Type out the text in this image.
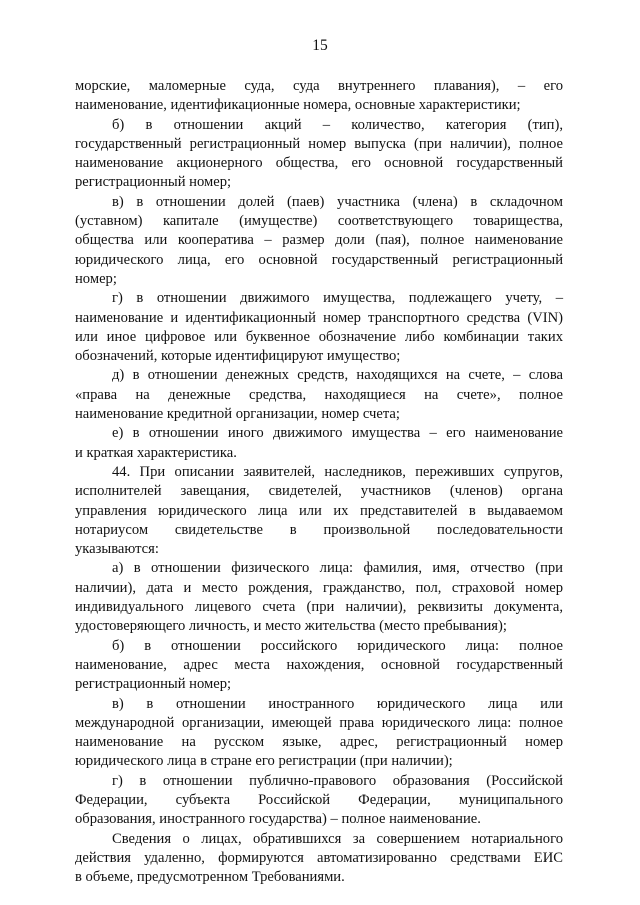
15
морские, маломерные суда, суда внутреннего плавания), – его
наименование, идентификационные номера, основные характеристики;
б) в отношении акций – количество, категория (тип),
государственный регистрационный номер выпуска (при наличии), полное
наименование акционерного общества, его основной государственный
регистрационный номер;
в) в отношении долей (паев) участника (члена) в складочном
(уставном) капитале (имуществе) соответствующего товарищества,
общества или кооператива – размер доли (пая), полное наименование
юридического лица, его основной государственный регистрационный
номер;
г) в отношении движимого имущества, подлежащего учету, –
наименование и идентификационный номер транспортного средства (VIN)
или иное цифровое или буквенное обозначение либо комбинации таких
обозначений, которые идентифицируют имущество;
д) в отношении денежных средств, находящихся на счете, – слова
«права на денежные средства, находящиеся на счете», полное
наименование кредитной организации, номер счета;
е) в отношении иного движимого имущества – его наименование
и краткая характеристика.
44. При описании заявителей, наследников, переживших супругов,
исполнителей завещания, свидетелей, участников (членов) органа
управления юридического лица или их представителей в выдаваемом
нотариусом свидетельстве в произвольной последовательности
указываются:
а) в отношении физического лица: фамилия, имя, отчество (при
наличии), дата и место рождения, гражданство, пол, страховой номер
индивидуального лицевого счета (при наличии), реквизиты документа,
удостоверяющего личность, и место жительства (место пребывания);
б) в отношении российского юридического лица: полное
наименование, адрес места нахождения, основной государственный
регистрационный номер;
в) в отношении иностранного юридического лица или
международной организации, имеющей права юридического лица: полное
наименование на русском языке, адрес, регистрационный номер
юридического лица в стране его регистрации (при наличии);
г) в отношении публично-правового образования (Российской
Федерации, субъекта Российской Федерации, муниципального
образования, иностранного государства) – полное наименование.
Сведения о лицах, обратившихся за совершением нотариального
действия удаленно, формируются автоматизированно средствами ЕИС
в объеме, предусмотренном Требованиями.
